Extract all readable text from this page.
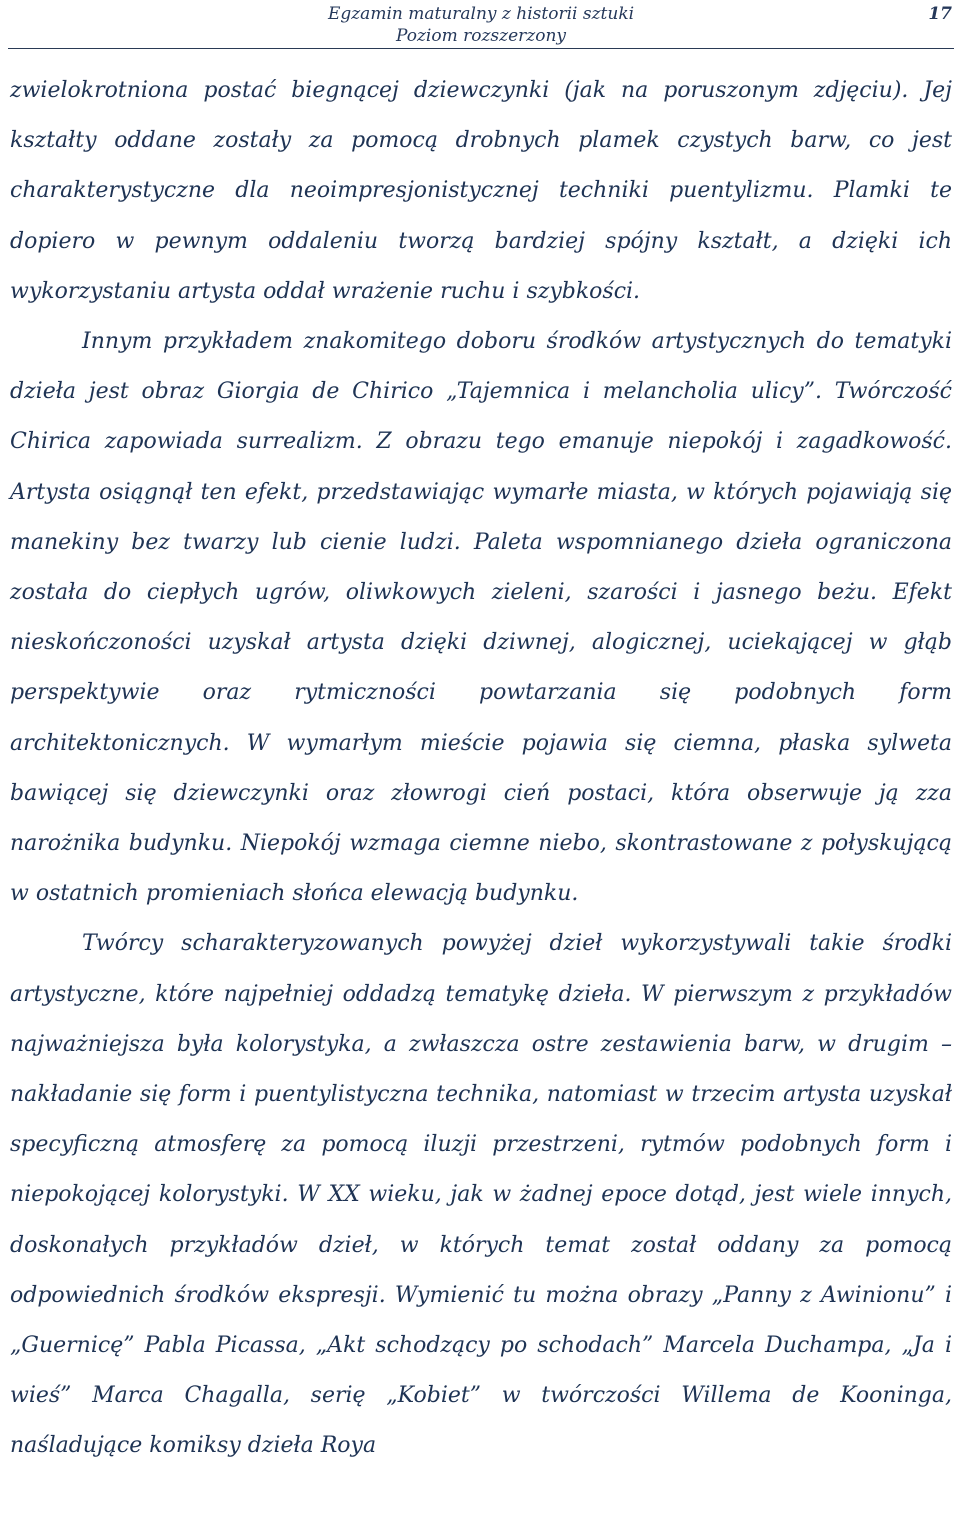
Egzamin maturalny z historii sztuki
Poziom rozszerzony
17

zwielokrotniona postać biegnącej dziewczynki (jak na poruszonym zdjęciu). Jej kształty oddane zostały za pomocą drobnych plamek czystych barw, co jest charakterystyczne dla neoimpresjonistycznej techniki puentylizmu. Plamki te dopiero w pewnym oddaleniu tworzą bardziej spójny kształt, a dzięki ich wykorzystaniu artysta oddał wrażenie ruchu i szybkości.

Innym przykładem znakomitego doboru środków artystycznych do tematyki dzieła jest obraz Giorgia de Chirico „Tajemnica i melancholia ulicy”. Twórczość Chirica zapowiada surrealizm. Z obrazu tego emanuje niepokój i zagadkowość. Artysta osiągnął ten efekt, przedstawiając wymarłe miasta, w których pojawiają się manekiny bez twarzy lub cienie ludzi. Paleta wspomnianego dzieła ograniczona została do ciepłych ugrów, oliwkowych zieleni, szarości i jasnego beżu. Efekt nieskończoności uzyskał artysta dzięki dziwnej, alogicznej, uciekającej w głąb perspektywie oraz rytmiczności powtarzania się podobnych form architektonicznych. W wymarłym mieście pojawia się ciemna, płaska sylweta bawiącej się dziewczynki oraz złowrogi cień postaci, która obserwuje ją zza narożnika budynku. Niepokój wzmaga ciemne niebo, skontrastowane z połyskującą w ostatnich promieniach słońca elewacją budynku.

Twórcy scharakteryzowanych powyżej dzieł wykorzystywali takie środki artystyczne, które najpełniej oddadzą tematykę dzieła. W pierwszym z przykładów najważniejsza była kolorystyka, a zwłaszcza ostre zestawienia barw, w drugim – nakładanie się form i puentylistyczna technika, natomiast w trzecim artysta uzyskał specyficzną atmosferę za pomocą iluzji przestrzeni, rytmów podobnych form i niepokojącej kolorystyki. W XX wieku, jak w żadnej epoce dotąd, jest wiele innych, doskonałych przykładów dzieł, w których temat został oddany za pomocą odpowiednich środków ekspresji. Wymienić tu można obrazy „Panny z Awinionu” i „Guernicę” Pabla Picassa, „Akt schodzący po schodach” Marcela Duchampa, „Ja i wieś” Marca Chagalla, serię „Kobiet” w twórczości Willema de Kooninga, naśladujące komiksy dzieła Roya
